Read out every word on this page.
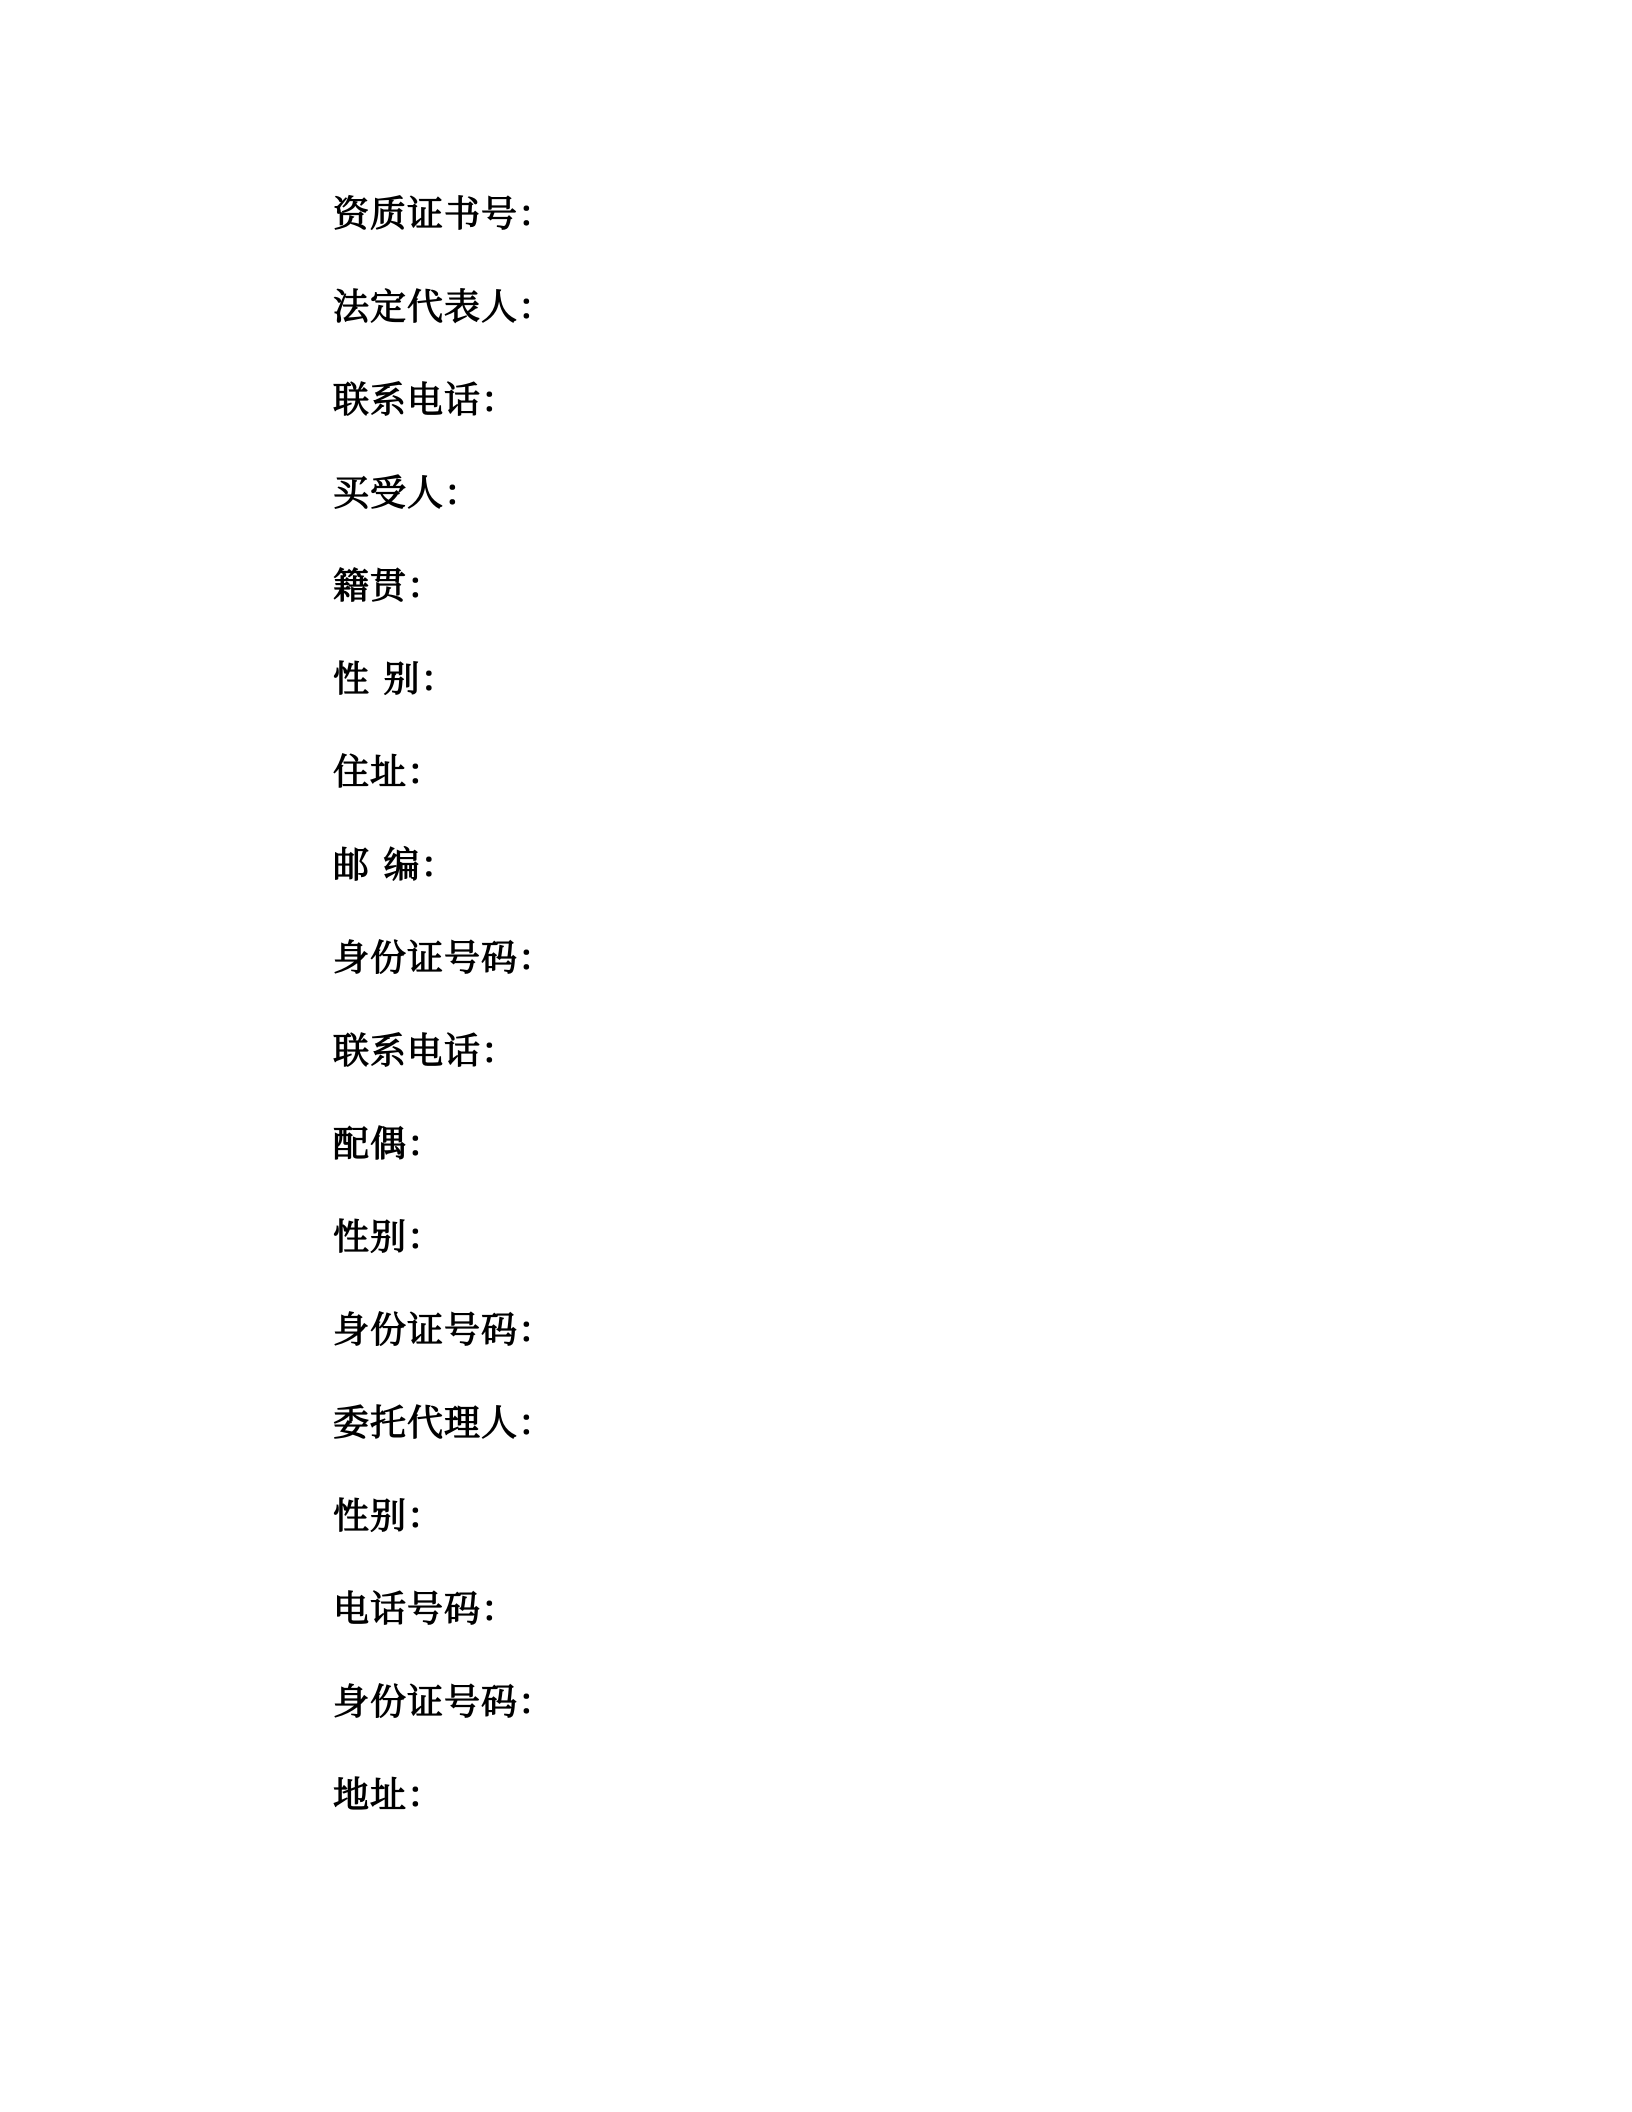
资质证书号：
法定代表人：
联系电话：
买受人：
籍贯：
性 别：
住址：
邮 编：
身份证号码：
联系电话：
配偶：
性别：
身份证号码：
委托代理人：
性别：
电话号码：
身份证号码：
地址：
